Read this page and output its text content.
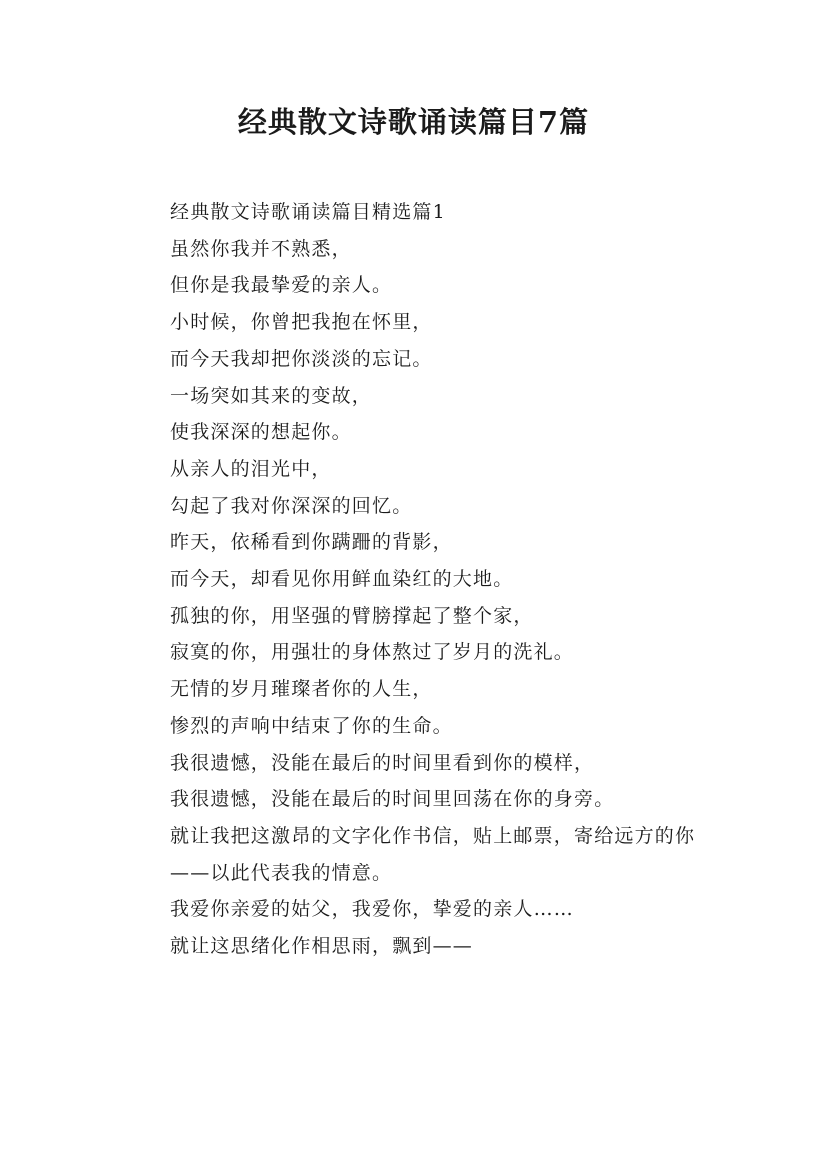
经典散文诗歌诵读篇目7篇

经典散文诗歌诵读篇目精选篇1

虽然你我并不熟悉，

但你是我最挚爱的亲人。

小时候，你曾把我抱在怀里，

而今天我却把你淡淡的忘记。

一场突如其来的变故，

使我深深的想起你。

从亲人的泪光中，

勾起了我对你深深的回忆。

昨天，依稀看到你蹒跚的背影，

而今天，却看见你用鲜血染红的大地。

孤独的你，用坚强的臂膀撑起了整个家，

寂寞的你，用强壮的身体熬过了岁月的洗礼。

无情的岁月璀璨者你的人生，

惨烈的声响中结束了你的生命。

我很遗憾，没能在最后的时间里看到你的模样，

我很遗憾，没能在最后的时间里回荡在你的身旁。

就让我把这激昂的文字化作书信，贴上邮票，寄给远方的你

——以此代表我的情意。

我爱你亲爱的姑父，我爱你，挚爱的亲人……

就让这思绪化作相思雨，飘到——
